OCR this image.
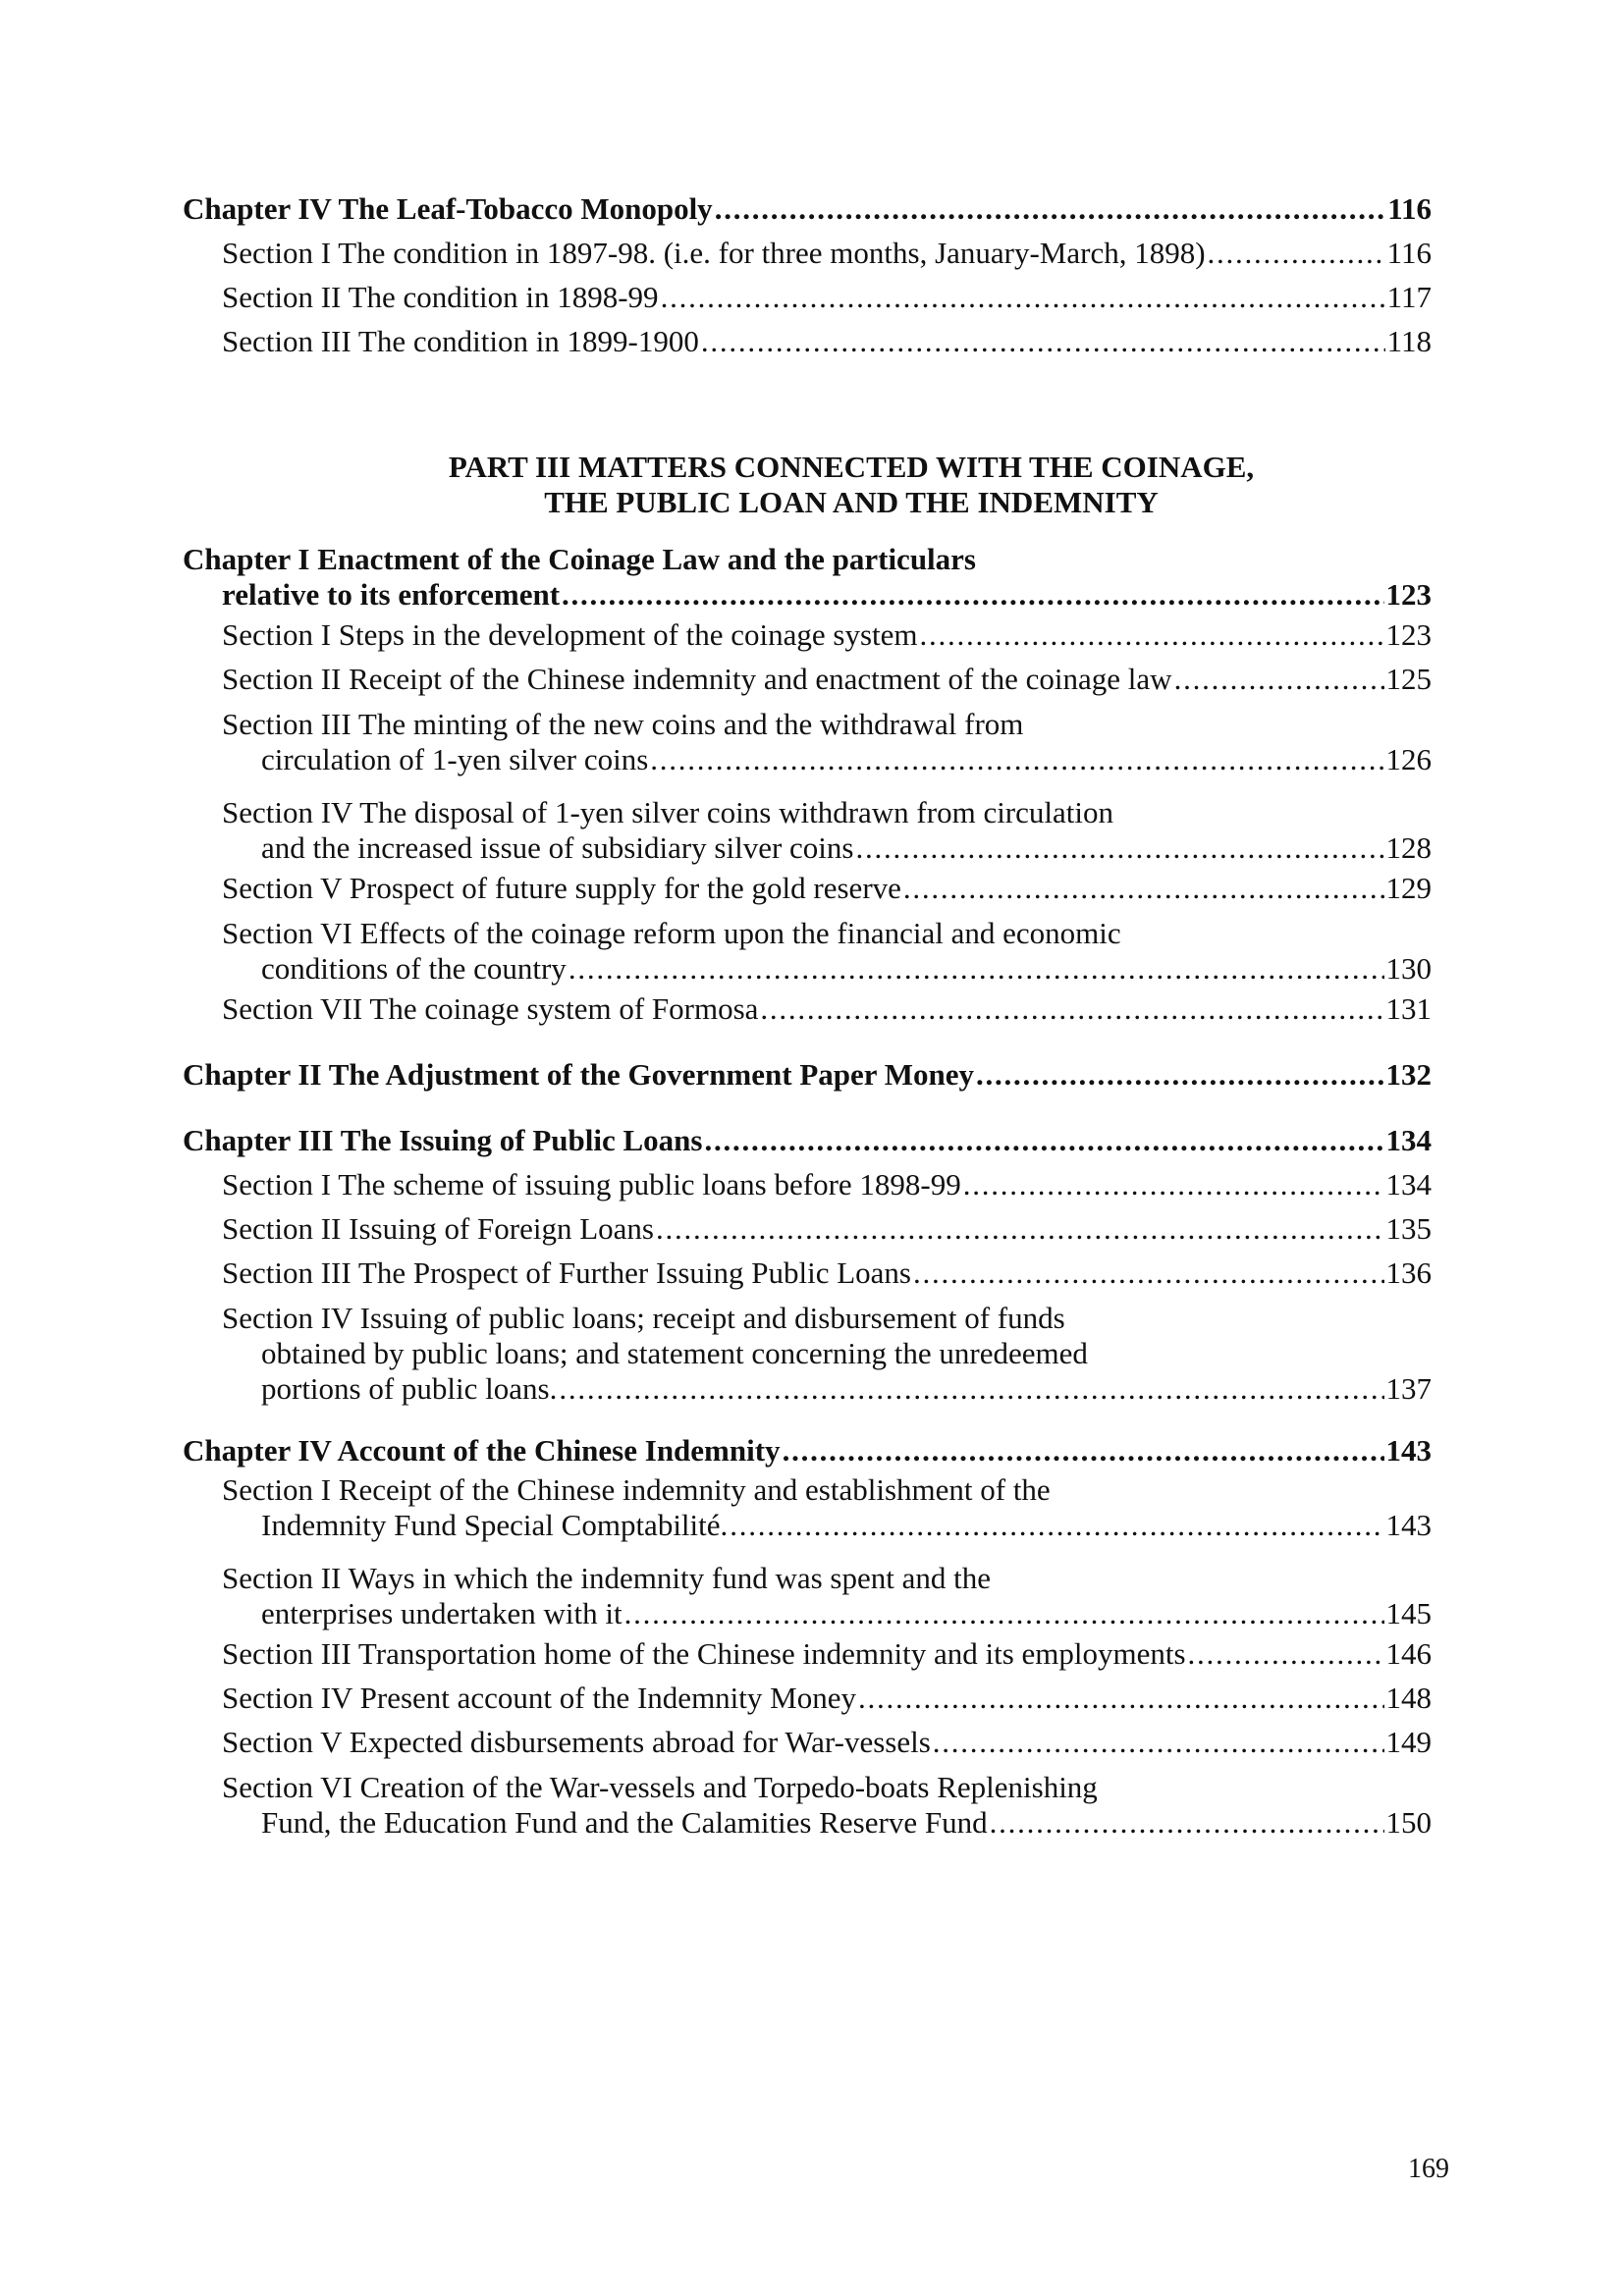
Chapter IV The Leaf-Tobacco Monopoly . . .	116
Section I The condition in 1897-98. (i.e. for three months, January-March, 1898) . . .	116
Section II The condition in 1898-99 . . .	117
Section III The condition in 1899-1900 . . .	118
PART III MATTERS CONNECTED WITH THE COINAGE,
THE PUBLIC LOAN AND THE INDEMNITY
Chapter I Enactment of the Coinage Law and the particulars
relative to its enforcement . . .	123
Section I Steps in the development of the coinage system . . .	123
Section II Receipt of the Chinese indemnity and enactment of the coinage law . . .	125
Section III The minting of the new coins and the withdrawal from
circulation of 1-yen silver coins . . .	126
Section IV The disposal of 1-yen silver coins withdrawn from circulation
and the increased issue of subsidiary silver coins . . .	128
Section V Prospect of future supply for the gold reserve . . .	129
Section VI Effects of the coinage reform upon the financial and economic
conditions of the country . . .	130
Section VII The coinage system of Formosa . . .	131
Chapter II The Adjustment of the Government Paper Money . . .	132
Chapter III The Issuing of Public Loans . . .	134
Section I The scheme of issuing public loans before 1898-99 . . .	134
Section II Issuing of Foreign Loans . . .	135
Section III The Prospect of Further Issuing Public Loans . . .	136
Section IV Issuing of public loans; receipt and disbursement of funds
obtained by public loans; and statement concerning the unredeemed
portions of public loans. . . .	137
Chapter IV Account of the Chinese Indemnity . . .	143
Section I Receipt of the Chinese indemnity and establishment of the
Indemnity Fund Special Comptabilité. . . .	143
Section II Ways in which the indemnity fund was spent and the
enterprises undertaken with it . . .	145
Section III Transportation home of the Chinese indemnity and its employments . . .	146
Section IV Present account of the Indemnity Money . . .	148
Section V Expected disbursements abroad for War-vessels . . .	149
Section VI Creation of the War-vessels and Torpedo-boats Replenishing
Fund, the Education Fund and the Calamities Reserve Fund . . .	150
169
